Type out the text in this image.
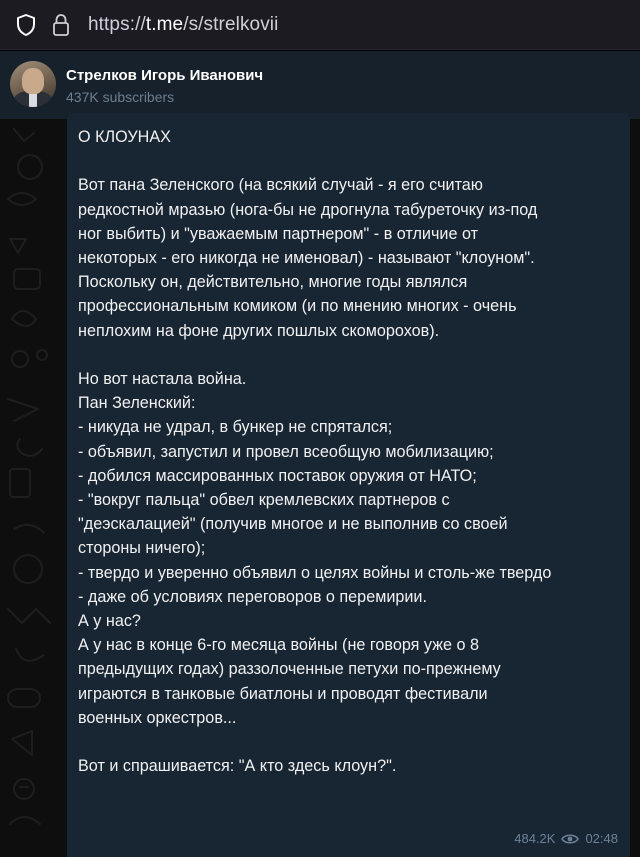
https://t.me/s/strelkovii
Стрелков Игорь Иванович
437K subscribers
О КЛОУНАХ
Вот пана Зеленского (на всякий случай - я его считаю
редкостной мразью (нога-бы не дрогнула табуреточку из-под
ног выбить) и "уважаемым партнером" - в отличие от
некоторых - его никогда не именовал) - называют "клоуном".
Поскольку он, действительно, многие годы являлся
профессиональным комиком (и по мнению многих - очень
неплохим на фоне других пошлых скоморохов).
Но вот настала война.
Пан Зеленский:
- никуда не удрал, в бункер не спрятался;
- объявил, запустил и провел всеобщую мобилизацию;
- добился массированных поставок оружия от НАТО;
- "вокруг пальца" обвел кремлевских партнеров с
"деэскалацией" (получив многое и не выполнив со своей
стороны ничего);
- твердо и уверенно объявил о целях войны и столь-же твердо
- даже об условиях переговоров о перемирии.
А у нас?
А у нас в конце 6-го месяца войны (не говоря уже о 8
предыдущих годах) раззолоченные петухи по-прежнему
играются в танковые биатлоны и проводят фестивали
военных оркестров...
Вот и спрашивается: "А кто здесь клоун?".
484.2K 02:48
